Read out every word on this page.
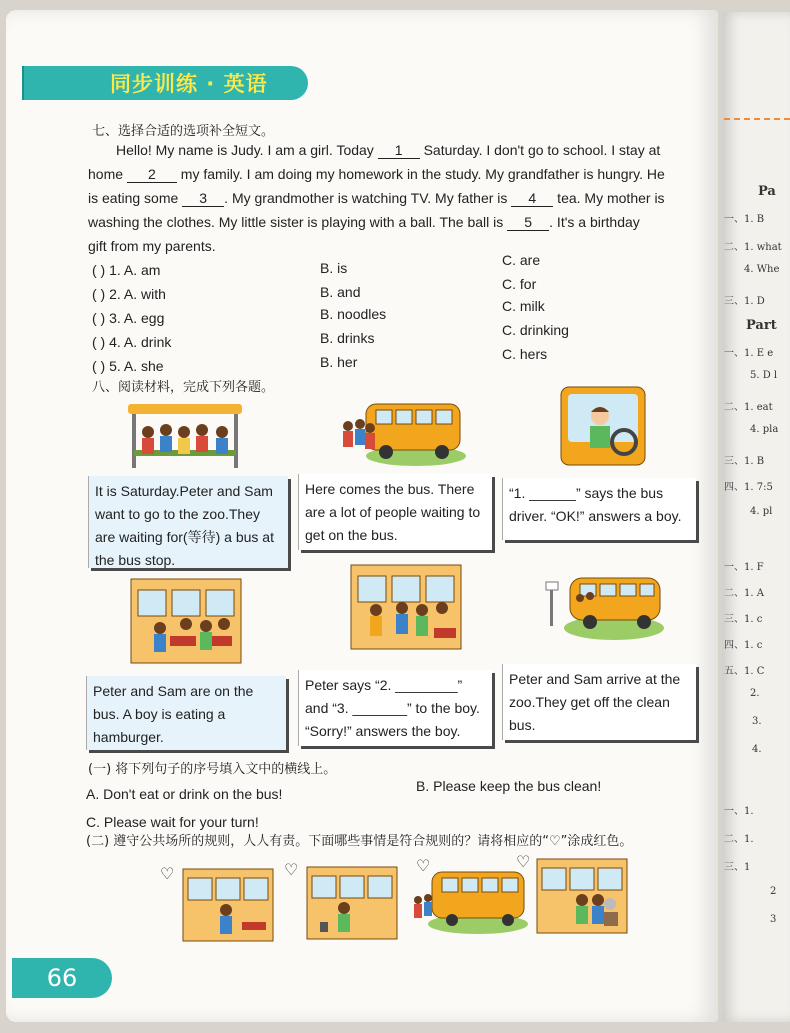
Pa
一、1. B
二、1. what
4. Whe
三、1. D
Part
一、1. E e
5. D l
二、1. eat
4. pla
三、1. B
四、1. 7:5
4. pl
一、1. F
二、1. A
三、1. c
四、1. c
五、1. C
2.
3.
4.
一、1.
二、1.
三、1
2
3
同步训练 · 英语
七、选择合适的选项补全短文。
Hello! My name is Judy. I am a girl. Today 1 Saturday. I don't go to school. I stay at
home 2 my family. I am doing my homework in the study. My grandfather is hungry. He
is eating some 3 . My grandmother is watching TV. My father is 4 tea. My mother is
washing the clothes. My little sister is playing with a ball. The ball is 5 . It's a birthday
gift from my parents.
( ) 1. A. am	B. is	C. are
( ) 2. A. with	B. and	C. for
( ) 3. A. egg	B. noodles	C. milk
( ) 4. A. drink	B. drinks	C. drinking
( ) 5. A. she	B. her	C. hers
八、阅读材料，完成下列各题。
It is Saturday.Peter and Sam want to go to the zoo.They are waiting for(等待) a bus at the bus stop.
Here comes the bus. There are a lot of people waiting to get on the bus.
“1. ______” says the bus driver. “OK!” answers a boy.
Peter and Sam are on the bus. A boy is eating a hamburger.
Peter says “2. ________” and “3. _______” to the boy. “Sorry!” answers the boy.
Peter and Sam arrive at the zoo.They get off the clean bus.
(一) 将下列句子的序号填入文中的横线上。
A. Don't eat or drink on the bus!	B. Please keep the bus clean!
C. Please wait for your turn!
(二) 遵守公共场所的规则，人人有责。下面哪些事情是符合规则的？请将相应的“♡”涂成红色。
♡	♡	♡	♡
66
